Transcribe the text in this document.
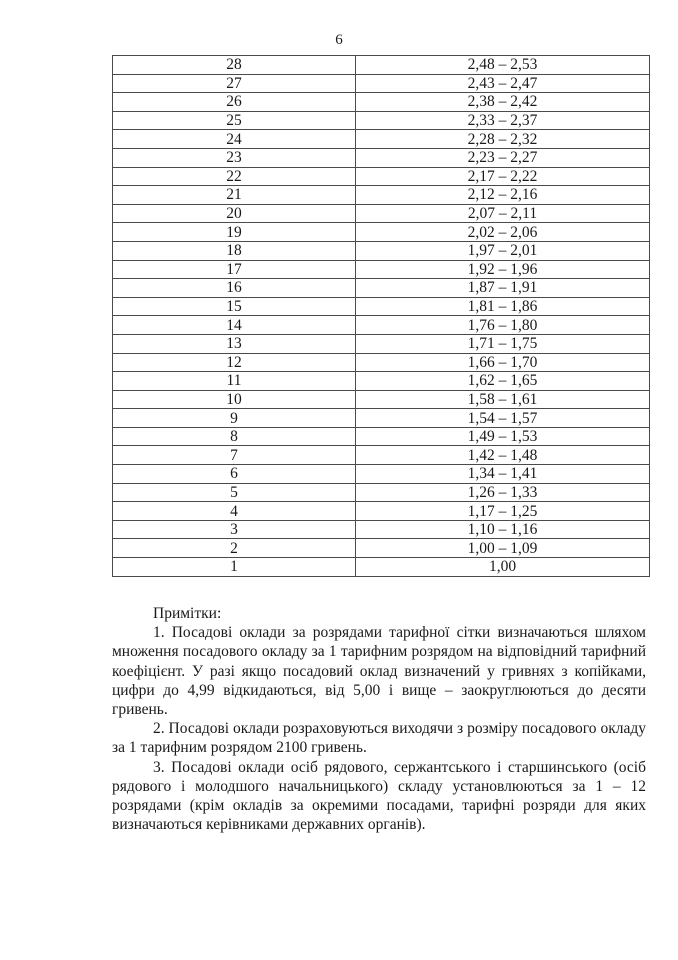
6
28	2,48 – 2,53
27	2,43 – 2,47
26	2,38 – 2,42
25	2,33 – 2,37
24	2,28 – 2,32
23	2,23 – 2,27
22	2,17 – 2,22
21	2,12 – 2,16
20	2,07 – 2,11
19	2,02 – 2,06
18	1,97 – 2,01
17	1,92 – 1,96
16	1,87 – 1,91
15	1,81 – 1,86
14	1,76 – 1,80
13	1,71 – 1,75
12	1,66 – 1,70
11	1,62 – 1,65
10	1,58 – 1,61
9	1,54 – 1,57
8	1,49 – 1,53
7	1,42 – 1,48
6	1,34 – 1,41
5	1,26 – 1,33
4	1,17 – 1,25
3	1,10 – 1,16
2	1,00 – 1,09
1	1,00

Примітки:

1. Посадові оклади за розрядами тарифної сітки визначаються шляхом множення посадового окладу за 1 тарифним розрядом на відповідний тарифний коефіцієнт. У разі якщо посадовий оклад визначений у гривнях з копійками, цифри до 4,99 відкидаються, від 5,00 і вище – заокруглюються до десяти гривень.

2. Посадові оклади розраховуються виходячи з розміру посадового окладу за 1 тарифним розрядом 2100 гривень.

3. Посадові оклади осіб рядового, сержантського і старшинського (осіб рядового і молодшого начальницького) складу установлюються за 1 – 12 розрядами (крім окладів за окремими посадами, тарифні розряди для яких визначаються керівниками державних органів).
